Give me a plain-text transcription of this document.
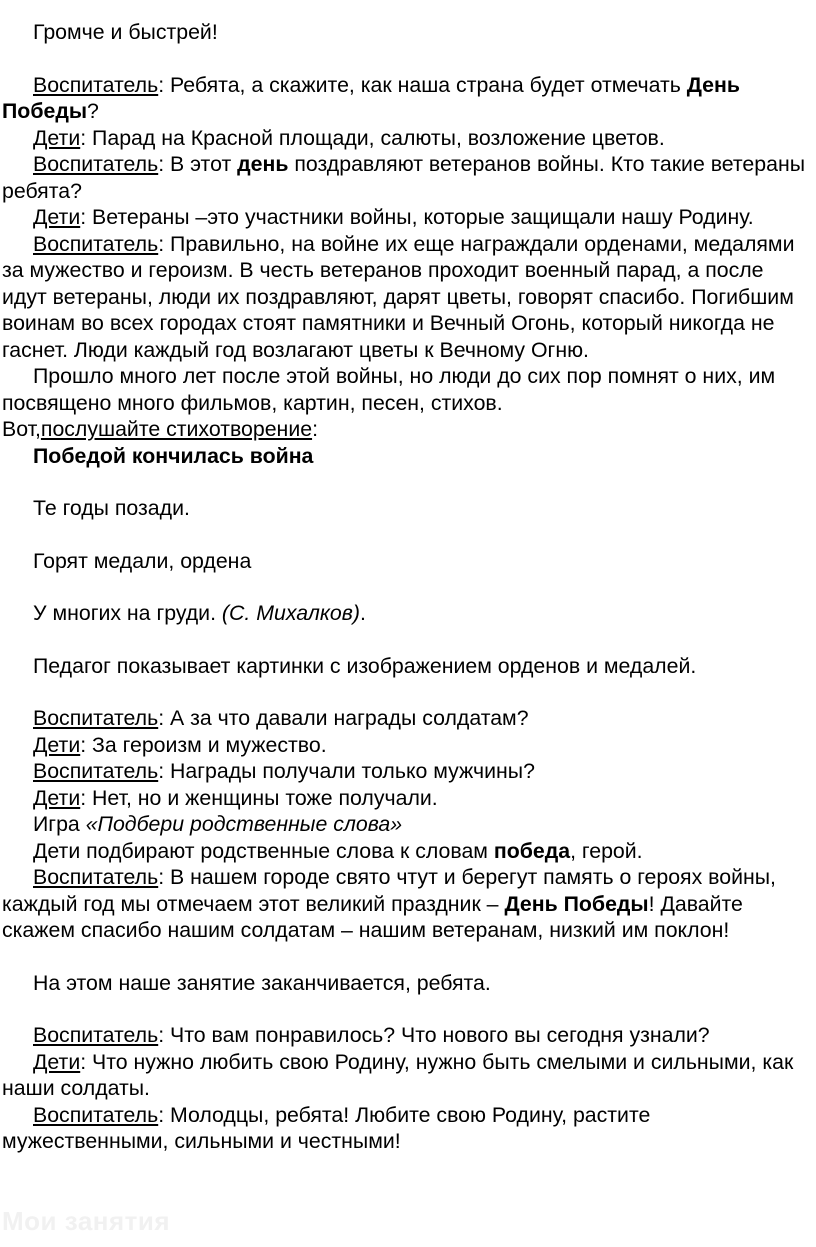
Громче и быстрей!

Воспитатель: Ребята, а скажите, как наша страна будет отмечать День Победы?

Дети: Парад на Красной площади, салюты, возложение цветов.

Воспитатель: В этот день поздравляют ветеранов войны. Кто такие ветераны ребята?

Дети: Ветераны –это участники войны, которые защищали нашу Родину.

Воспитатель: Правильно, на войне их еще награждали орденами, медалями за мужество и героизм. В честь ветеранов проходит военный парад, а после идут ветераны, люди их поздравляют, дарят цветы, говорят спасибо. Погибшим воинам во всех городах стоят памятники и Вечный Огонь, который никогда не гаснет. Люди каждый год возлагают цветы к Вечному Огню.

Прошло много лет после этой войны, но люди до сих пор помнят о них, им посвящено много фильмов, картин, песен, стихов.

Вот,послушайте стихотворение:

Победой кончилась война

Те годы позади.

Горят медали, ордена

У многих на груди. (С. Михалков).

Педагог показывает картинки с изображением орденов и медалей.

Воспитатель: А за что давали награды солдатам?

Дети: За героизм и мужество.

Воспитатель: Награды получали только мужчины?

Дети: Нет, но и женщины тоже получали.

Игра «Подбери родственные слова»

Дети подбирают родственные слова к словам победа, герой.

Воспитатель: В нашем городе свято чтут и берегут память о героях войны, каждый год мы отмечаем этот великий праздник – День Победы! Давайте скажем спасибо нашим солдатам – нашим ветеранам, низкий им поклон!

На этом наше занятие заканчивается, ребята.

Воспитатель: Что вам понравилось? Что нового вы сегодня узнали?

Дети: Что нужно любить свою Родину, нужно быть смелыми и сильными, как наши солдаты.

Воспитатель: Молодцы, ребята! Любите свою Родину, растите мужественными, сильными и честными!

Мои занятия
